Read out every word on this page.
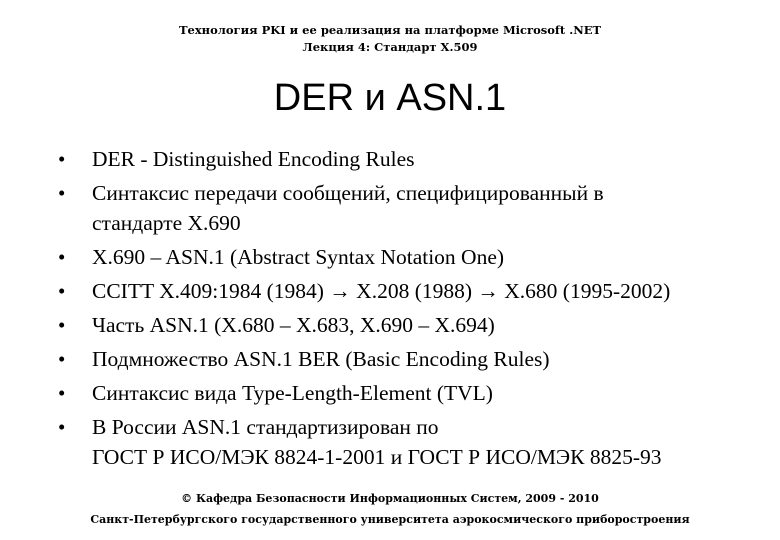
Технология PKI и ее реализация на платформе Microsoft .NET
Лекция 4: Стандарт X.509
DER и ASN.1
•	DER - Distinguished Encoding Rules
•	Синтаксис передачи сообщений, специфицированный в
стандарте X.690
•	X.690 – ASN.1 (Abstract Syntax Notation One)
•	CCITT X.409:1984 (1984) → X.208 (1988) → X.680 (1995-2002)
•	Часть ASN.1 (X.680 – X.683, X.690 – X.694)
•	Подмножество ASN.1 BER (Basic Encoding Rules)
•	Синтаксис вида Type-Length-Element (TVL)
•	В России ASN.1 стандартизирован по
ГОСТ Р ИСО/МЭК 8824-1-2001 и ГОСТ Р ИСО/МЭК 8825-93
© Кафедра Безопасности Информационных Систем, 2009 - 2010
Санкт-Петербургского государственного университета аэрокосмического приборостроения
